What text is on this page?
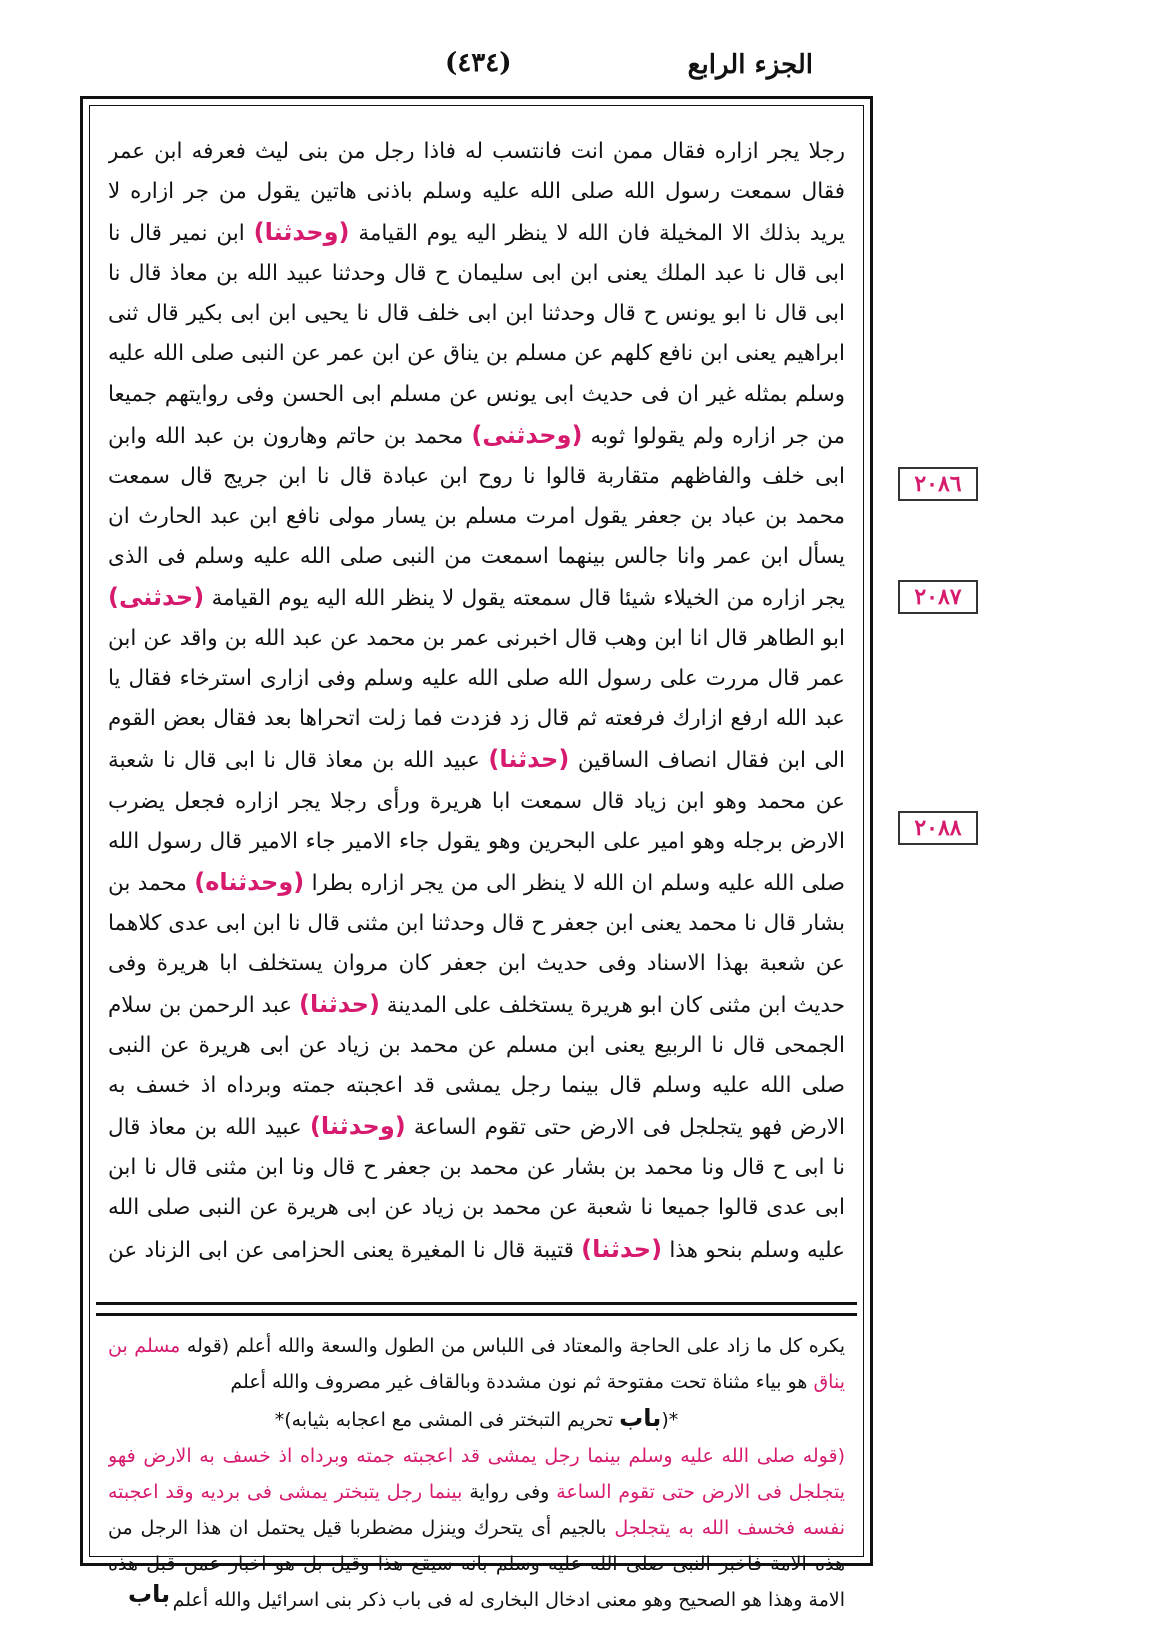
الجزء الرابع
(٤٣٤)
٢٠٨٦
٢٠٨٧
٢٠٨٨

رجلا يجر ازاره فقال ممن انت فانتسب له فاذا رجل من بنى ليث فعرفه ابن عمر فقال سمعت رسول الله صلى الله عليه وسلم باذنى هاتين يقول من جر ازاره لا يريد بذلك الا المخيلة فان الله لا ينظر اليه يوم القيامة (وحدثنا) ابن نمير قال نا ابى قال نا عبد الملك يعنى ابن ابى سليمان ح قال وحدثنا عبيد الله بن معاذ قال نا ابى قال نا ابو يونس ح قال وحدثنا ابن ابى خلف قال نا يحيى ابن ابى بكير قال ثنى ابراهيم يعنى ابن نافع كلهم عن مسلم بن يناق عن ابن عمر عن النبى صلى الله عليه وسلم بمثله غير ان فى حديث ابى يونس عن مسلم ابى الحسن وفى روايتهم جميعا من جر ازاره ولم يقولوا ثوبه (وحدثنى) محمد بن حاتم وهارون بن عبد الله وابن ابى خلف والفاظهم متقاربة قالوا نا روح ابن عبادة قال نا ابن جريج قال سمعت محمد بن عباد بن جعفر يقول امرت مسلم بن يسار مولى نافع ابن عبد الحارث ان يسأل ابن عمر وانا جالس بينهما اسمعت من النبى صلى الله عليه وسلم فى الذى يجر ازاره من الخيلاء شيئا قال سمعته يقول لا ينظر الله اليه يوم القيامة (حدثنى) ابو الطاهر قال انا ابن وهب قال اخبرنى عمر بن محمد عن عبد الله بن واقد عن ابن عمر قال مررت على رسول الله صلى الله عليه وسلم وفى ازارى استرخاء فقال يا عبد الله ارفع ازارك فرفعته ثم قال زد فزدت فما زلت اتحراها بعد فقال بعض القوم الى ابن فقال انصاف الساقين (حدثنا) عبيد الله بن معاذ قال نا ابى قال نا شعبة عن محمد وهو ابن زياد قال سمعت ابا هريرة ورأى رجلا يجر ازاره فجعل يضرب الارض برجله وهو امير على البحرين وهو يقول جاء الامير جاء الامير قال رسول الله صلى الله عليه وسلم ان الله لا ينظر الى من يجر ازاره بطرا (وحدثناه) محمد بن بشار قال نا محمد يعنى ابن جعفر ح قال وحدثنا ابن مثنى قال نا ابن ابى عدى كلاهما عن شعبة بهذا الاسناد وفى حديث ابن جعفر كان مروان يستخلف ابا هريرة وفى حديث ابن مثنى كان ابو هريرة يستخلف على المدينة (حدثنا) عبد الرحمن بن سلام الجمحى قال نا الربيع يعنى ابن مسلم عن محمد بن زياد عن ابى هريرة عن النبى صلى الله عليه وسلم قال بينما رجل يمشى قد اعجبته جمته وبرداه اذ خسف به الارض فهو يتجلجل فى الارض حتى تقوم الساعة (وحدثنا) عبيد الله بن معاذ قال نا ابى ح قال ونا محمد بن بشار عن محمد بن جعفر ح قال ونا ابن مثنى قال نا ابن ابى عدى قالوا جميعا نا شعبة عن محمد بن زياد عن ابى هريرة عن النبى صلى الله عليه وسلم بنحو هذا (حدثنا) قتيبة قال نا المغيرة يعنى الحزامى عن ابى الزناد عن

يكره كل ما زاد على الحاجة والمعتاد فى اللباس من الطول والسعة والله أعلم (قوله مسلم بن يناق هو بياء مثناة تحت مفتوحة ثم نون مشددة وبالقاف غير مصروف والله أعلم

*(باب تحريم التبختر فى المشى مع اعجابه بثيابه)*

(قوله صلى الله عليه وسلم بينما رجل يمشى قد اعجبته جمته وبرداه اذ خسف به الارض فهو يتجلجل فى الارض حتى تقوم الساعة وفى رواية بينما رجل يتبختر يمشى فى برديه وقد اعجبته نفسه فخسف الله به يتجلجل بالجيم أى يتحرك وينزل مضطربا قيل يحتمل ان هذا الرجل من هذه الامة فاخبر النبى صلى الله عليه وسلم بانه سيقع هذا وقيل بل هو اخبار عمن قبل هذه الامة وهذا هو الصحيح وهو معنى ادخال البخارى له فى باب ذكر بنى اسرائيل والله أعلم

باب
